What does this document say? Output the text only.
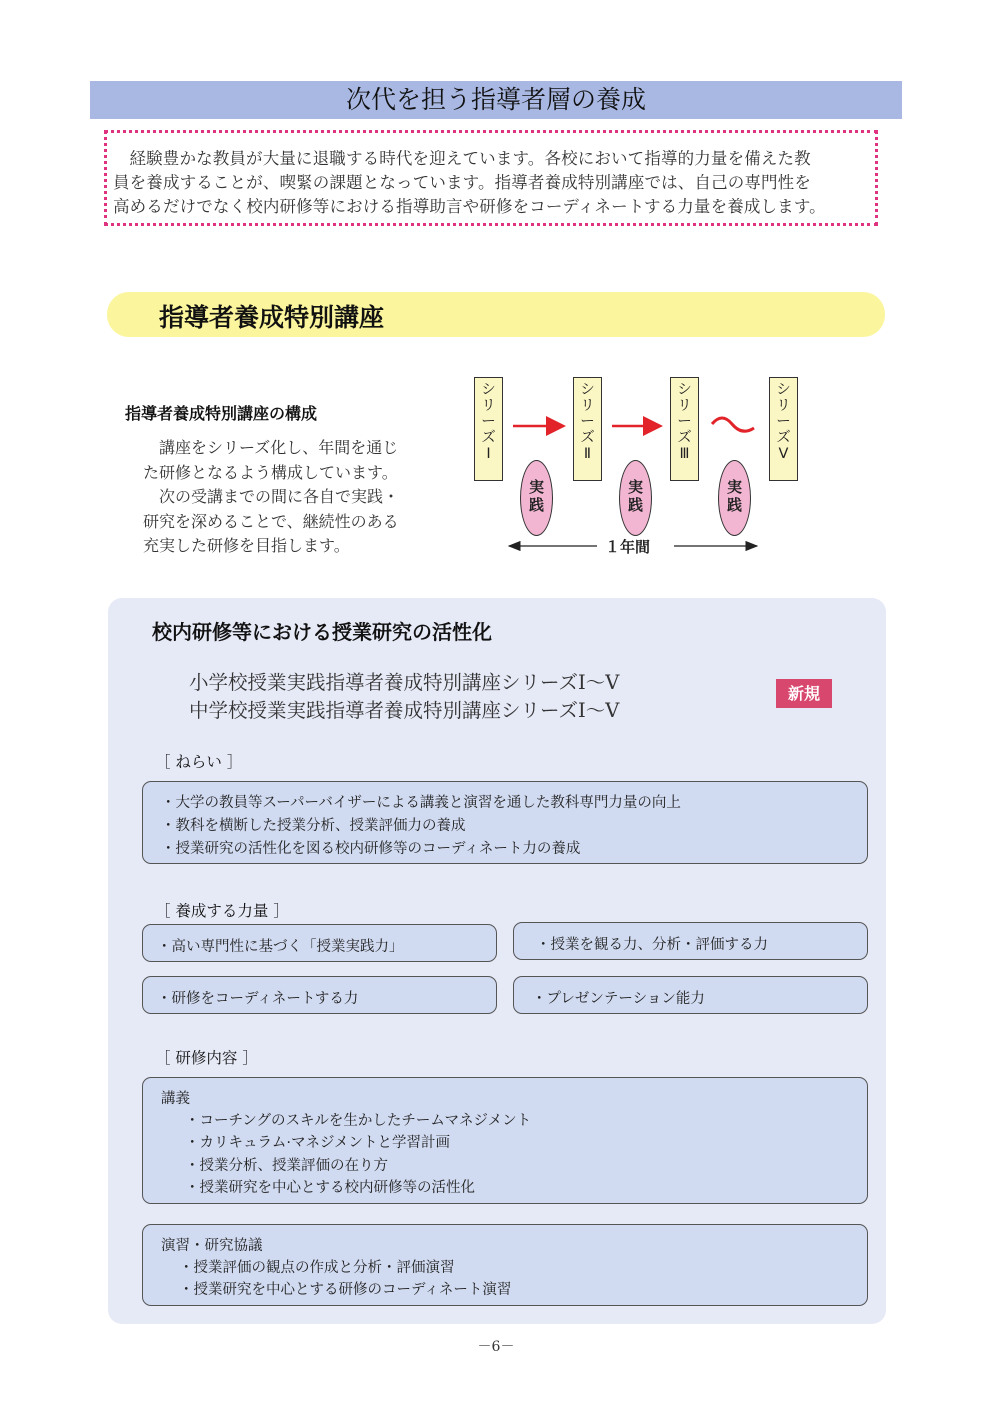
次代を担う指導者層の養成

経験豊かな教員が大量に退職する時代を迎えています。各校において指導的力量を備えた教
員を養成することが、喫緊の課題となっています。指導者養成特別講座では、自己の専門性を
高めるだけでなく校内研修等における指導助言や研修をコーディネートする力量を養成します。

指導者養成特別講座
指導者養成特別講座の構成
　講座をシリーズ化し、年間を通じ
た研修となるよう構成しています。
　次の受講までの間に各自で実践・
研究を深めることで、継続性のある
充実した研修を目指します。
シ
リ
ー
ズ
Ⅰ
シ
リ
ー
ズ
Ⅱ
シ
リ
ー
ズ
Ⅲ
シ
リ
ー
ズ
Ⅴ
実
践
実
践
実
践
１年間
校内研修等における授業研究の活性化
小学校授業実践指導者養成特別講座シリーズⅠ～Ⅴ
中学校授業実践指導者養成特別講座シリーズⅠ～Ⅴ
新規
［ ねらい ］
・大学の教員等スーパーバイザーによる講義と演習を通した教科専門力量の向上
・教科を横断した授業分析、授業評価力の養成
・授業研究の活性化を図る校内研修等のコーディネート力の養成
［ 養成する力量 ］
・高い専門性に基づく「授業実践力」	・授業を観る力、分析・評価する力
・研修をコーディネートする力	・プレゼンテーション能力
［ 研修内容 ］
講義
・コーチングのスキルを生かしたチームマネジメント
・カリキュラム·マネジメントと学習計画
・授業分析、授業評価の在り方
・授業研究を中心とする校内研修等の活性化
演習・研究協議
・授業評価の観点の作成と分析・評価演習
・授業研究を中心とする研修のコーディネート演習
－6－
